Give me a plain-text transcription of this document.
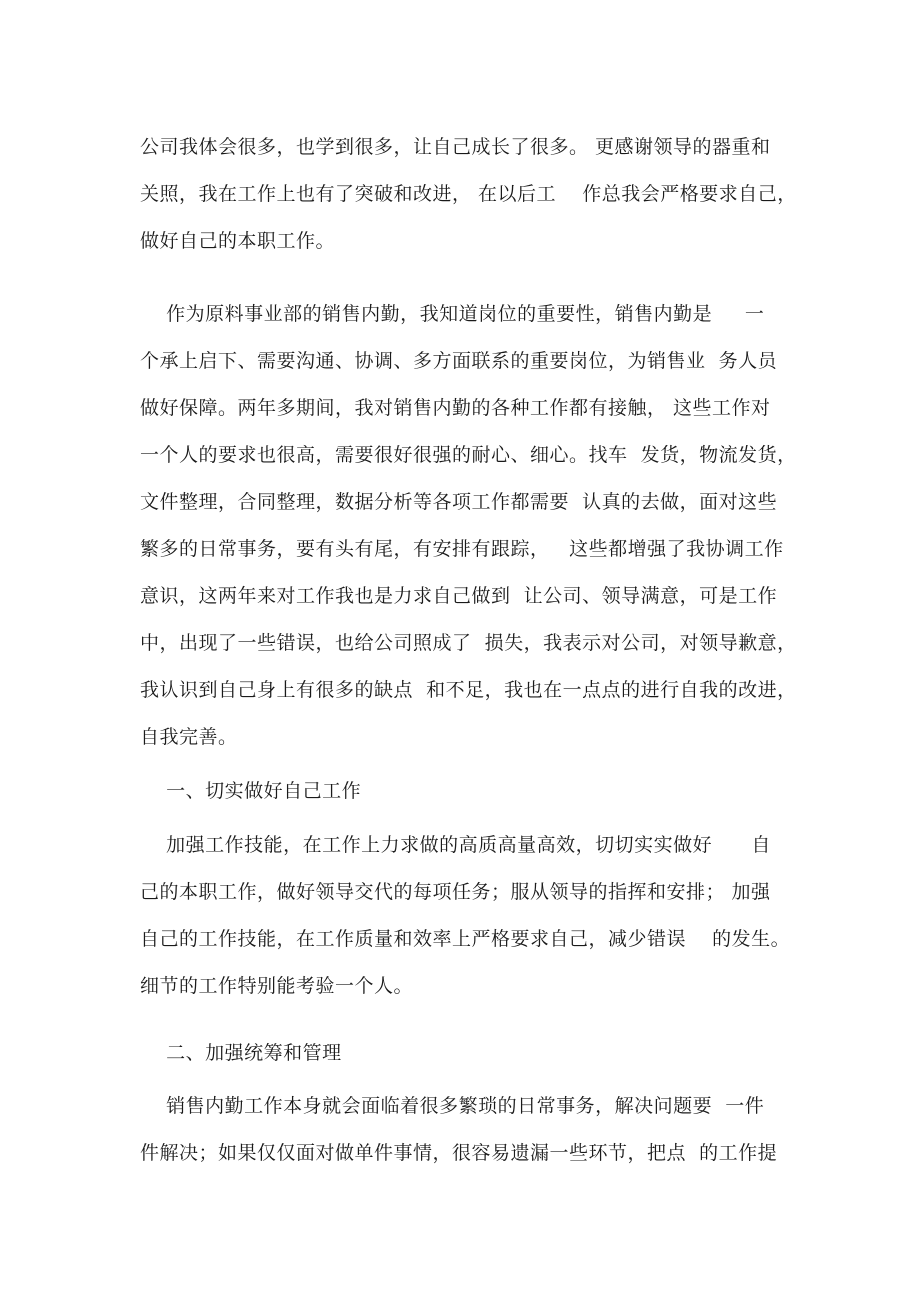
公司我体会很多，也学到很多，让自己成长了很多。 更感谢领导的器重和
关照，我在工作上也有了突破和改进， 在以后工    作总我会严格要求自己，
做好自己的本职工作。
作为原料事业部的销售内勤，我知道岗位的重要性，销售内勤是     一
个承上启下、需要沟通、协调、多方面联系的重要岗位，为销售业  务人员
做好保障。两年多期间，我对销售内勤的各种工作都有接触， 这些工作对
一个人的要求也很高，需要很好很强的耐心、细心。找车  发货，物流发货，
文件整理，合同整理，数据分析等各项工作都需要  认真的去做，面对这些
繁多的日常事务，要有头有尾，有安排有跟踪，   这些都增强了我协调工作
意识，这两年来对工作我也是力求自己做到  让公司、领导满意，可是工作
中，出现了一些错误，也给公司照成了  损失，我表示对公司，对领导歉意，
我认识到自己身上有很多的缺点  和不足，我也在一点点的进行自我的改进，
自我完善。
一、切实做好自己工作
加强工作技能，在工作上力求做的高质高量高效，切切实实做好      自
己的本职工作，做好领导交代的每项任务；服从领导的指挥和安排； 加强
自己的工作技能，在工作质量和效率上严格要求自己，减少错误    的发生。
细节的工作特别能考验一个人。
二、加强统筹和管理
销售内勤工作本身就会面临着很多繁琐的日常事务，解决问题要  一件
件解决；如果仅仅面对做单件事情，很容易遗漏一些环节，把点  的工作提
